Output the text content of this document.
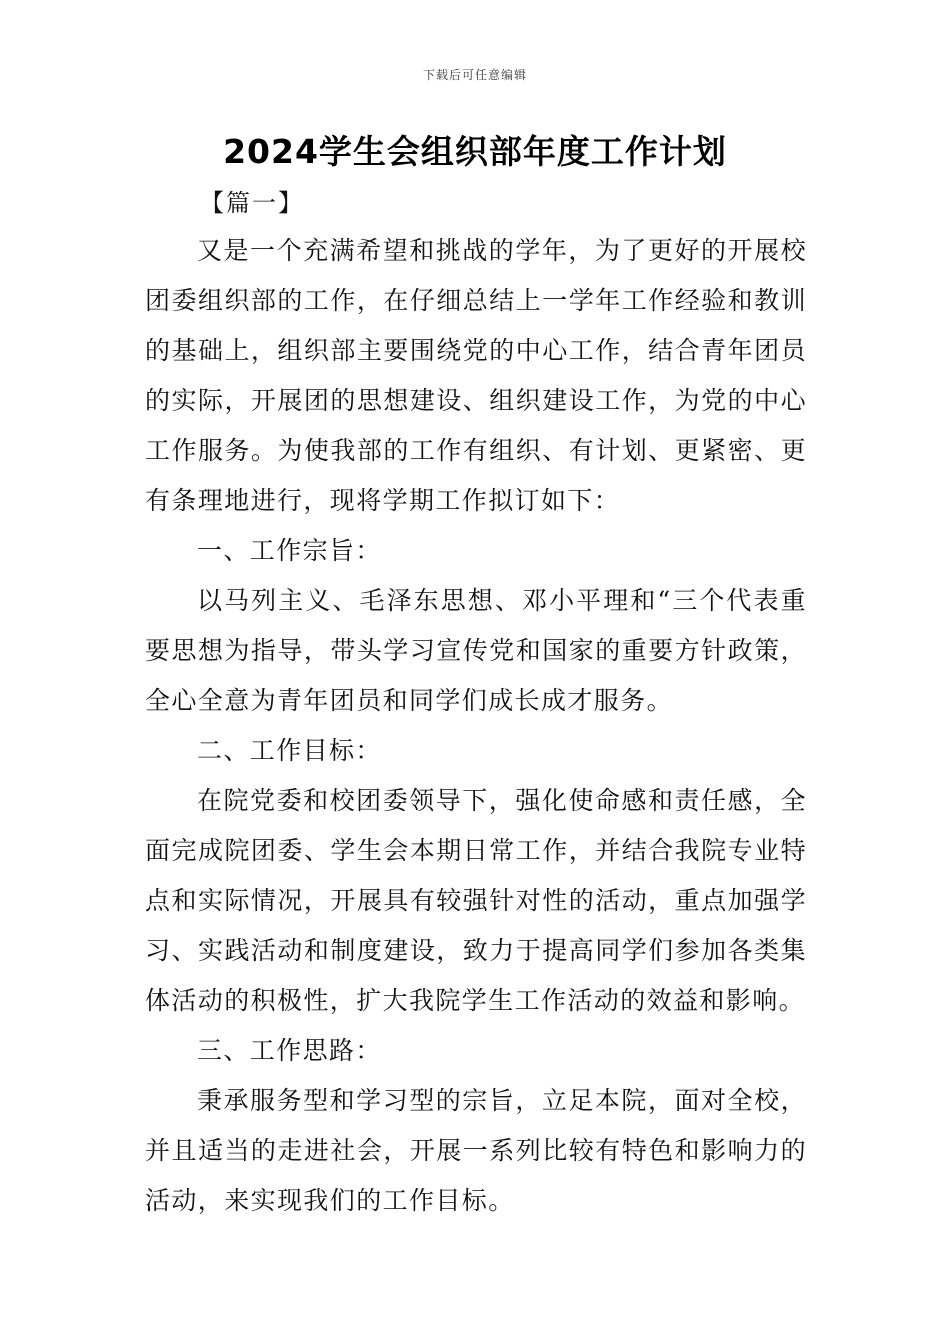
下载后可任意编辑
2024学生会组织部年度工作计划

【篇一】

又是一个充满希望和挑战的学年，为了更好的开展校团委组织部的工作，在仔细总结上一学年工作经验和教训的基础上，组织部主要围绕党的中心工作，结合青年团员的实际，开展团的思想建设、组织建设工作，为党的中心工作服务。为使我部的工作有组织、有计划、更紧密、更有条理地进行，现将学期工作拟订如下：

一、工作宗旨：

以马列主义、毛泽东思想、邓小平理和“三个代表重要思想为指导，带头学习宣传党和国家的重要方针政策，全心全意为青年团员和同学们成长成才服务。

二、工作目标：

在院党委和校团委领导下，强化使命感和责任感，全面完成院团委、学生会本期日常工作，并结合我院专业特点和实际情况，开展具有较强针对性的活动，重点加强学习、实践活动和制度建设，致力于提高同学们参加各类集体活动的积极性，扩大我院学生工作活动的效益和影响。

三、工作思路：

秉承服务型和学习型的宗旨，立足本院，面对全校，并且适当的走进社会，开展一系列比较有特色和影响力的活动，来实现我们的工作目标。
